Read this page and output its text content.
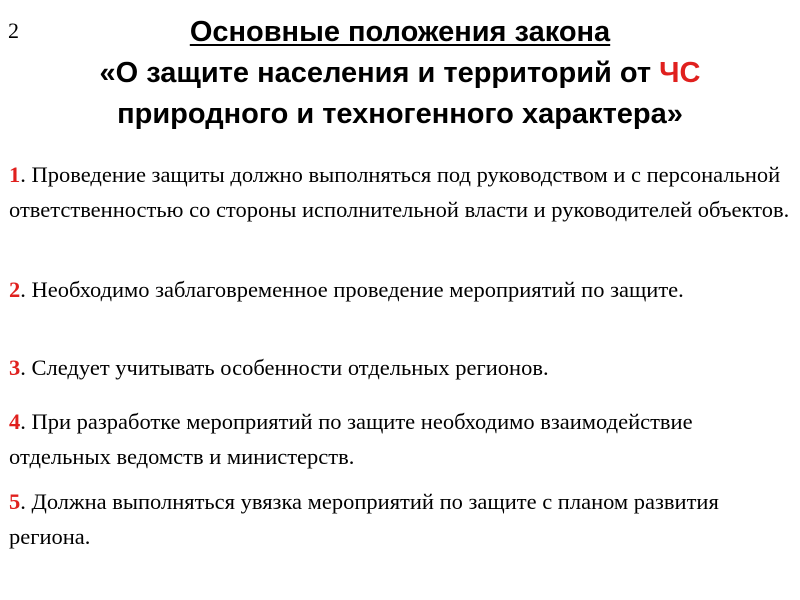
2	Основные положения закона
«О защите населения и территорий от ЧС
природного и техногенного характера»
1. Проведение защиты должно выполняться под руководством и с персональной ответственностью со стороны исполнительной власти и руководителей объектов.
2. Необходимо заблаговременное проведение мероприятий по защите.
3. Следует учитывать особенности отдельных регионов.
4. При разработке мероприятий по защите необходимо взаимодействие отдельных ведомств и министерств.
5. Должна выполняться увязка мероприятий по защите с планом развития региона.
